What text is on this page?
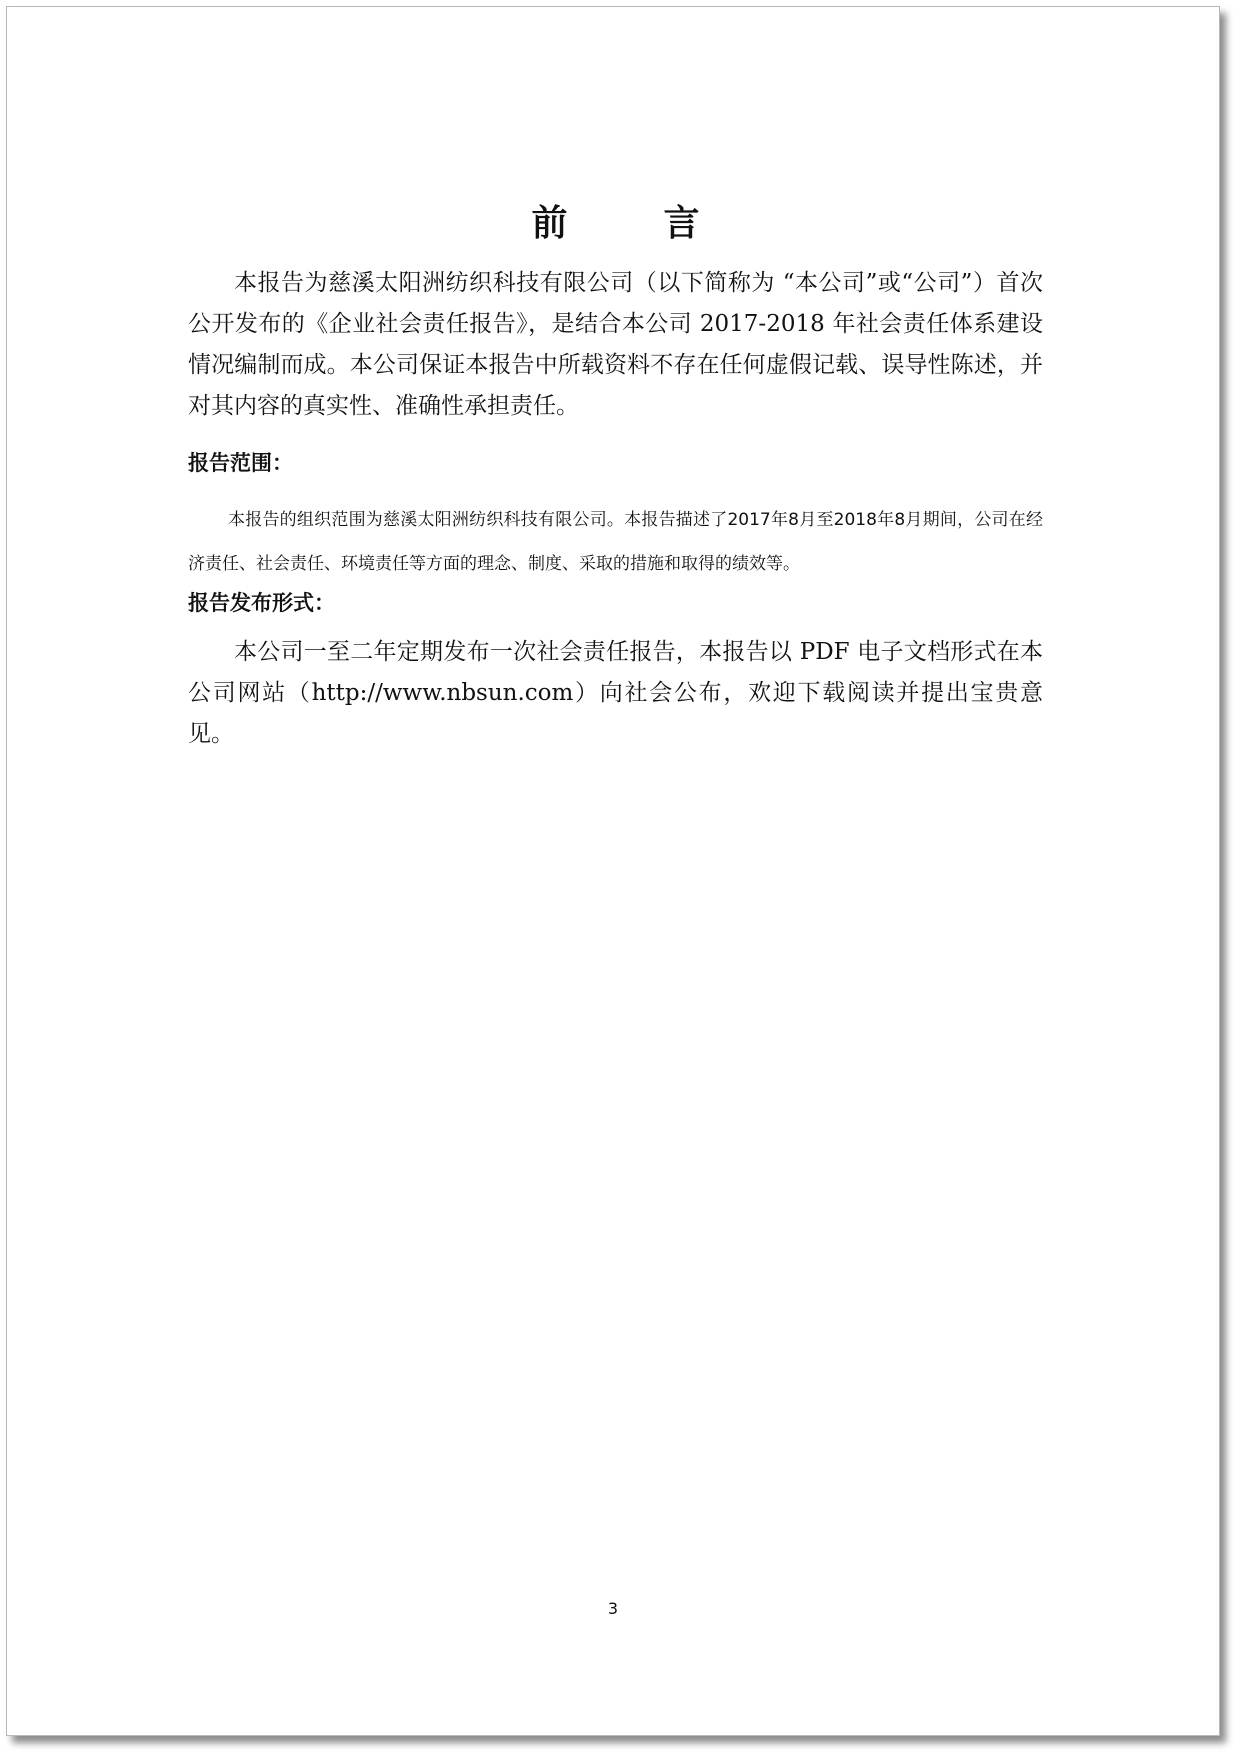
前　言
本报告为慈溪太阳洲纺织科技有限公司（以下简称为 “本公司”或“公司”）首次公开发布的《企业社会责任报告》，是结合本公司 2017-2018 年社会责任体系建设情况编制而成。本公司保证本报告中所载资料不存在任何虚假记载、误导性陈述，并对其内容的真实性、准确性承担责任。
报告范围：
本报告的组织范围为慈溪太阳洲纺织科技有限公司。本报告描述了2017年8月至2018年8月期间，公司在经济责任、社会责任、环境责任等方面的理念、制度、采取的措施和取得的绩效等。
报告发布形式：
本公司一至二年定期发布一次社会责任报告，本报告以 PDF 电子文档形式在本公司网站（http://www.nbsun.com）向社会公布，欢迎下载阅读并提出宝贵意见。
3
